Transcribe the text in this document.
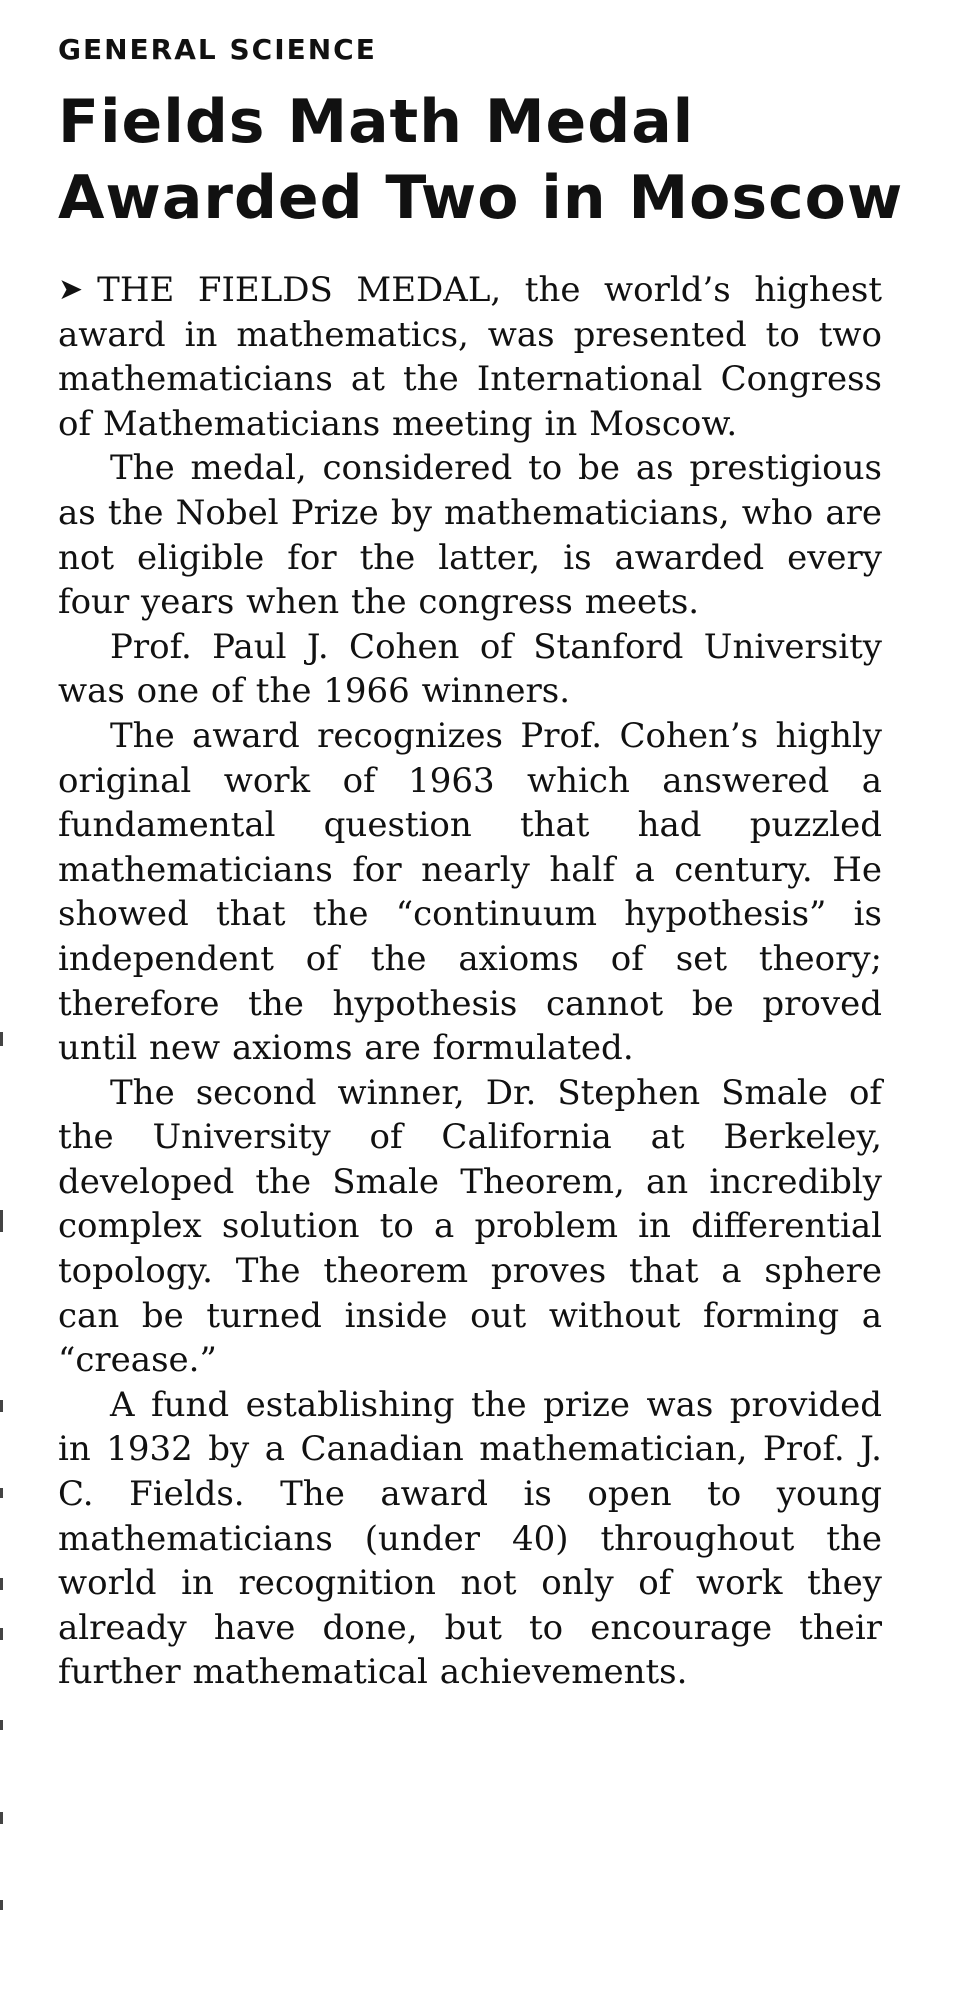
GENERAL SCIENCE
Fields Math Medal
Awarded Two in Moscow

➤ THE FIELDS MEDAL, the world’s highest award in mathematics, was presented to two mathematicians at the International Congress of Mathematicians meeting in Moscow.

The medal, considered to be as prestigious as the Nobel Prize by mathematicians, who are not eligible for the latter, is awarded every four years when the congress meets.

Prof. Paul J. Cohen of Stanford University was one of the 1966 winners.

The award recognizes Prof. Cohen’s highly original work of 1963 which answered a fundamental question that had puzzled mathematicians for nearly half a century. He showed that the “continuum hypothesis” is independent of the axioms of set theory; therefore the hypothesis cannot be proved until new axioms are formulated.

The second winner, Dr. Stephen Smale of the University of California at Berkeley, developed the Smale Theorem, an incredibly complex solution to a problem in differential topology. The theorem proves that a sphere can be turned inside out without forming a “crease.”

A fund establishing the prize was provided in 1932 by a Canadian mathematician, Prof. J. C. Fields. The award is open to young mathematicians (under 40) throughout the world in recognition not only of work they already have done, but to encourage their further mathematical achievements.
